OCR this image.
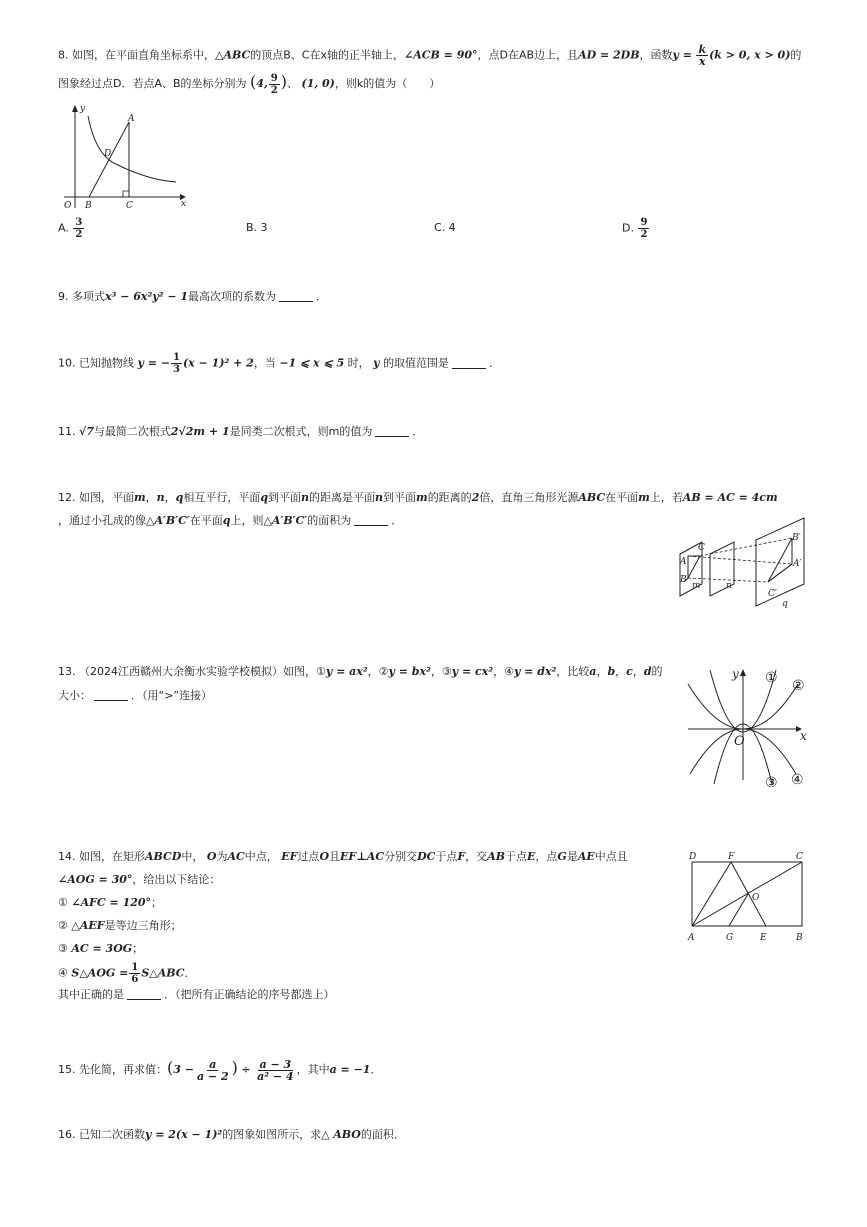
8. 如图，在平面直角坐标系中，△ABC的顶点B、C在x轴的正半轴上，∠ACB = 90°，点D在AB边上，且AD = 2DB，函数$y = \frac{k}{x} (k > 0$, x > 0)的
图象经过点D．若点A、B的坐标分别为 (4, $\frac{9}{2}$ )、 (1, 0)，则k的值为（　　）
y
x
O
A
B	C
D
A. $\frac{3}{2}$	B. 3	C. 4	D. $\frac{9}{2}$
9. 多项式x³ − 6x²y² − 1最高次项的系数为	．
10. 已知抛物线 y = − $\frac{1}{3} (x - 1)^2 + 2$，当 −1 ⩽ x ⩽ 5 时， y 的取值范围是	．
11. √7与最简二次根式2√2m + 1是同类二次根式，则m的值为	．
12. 如图，平面m，n，q相互平行，平面q到平面n的距离是平面n到平面m的距离的2倍，直角三角形光源ABC在平面m上，若AB = AC = 4cm
，通过小孔成的像△A′B′C′在平面q上，则△A′B′C′的面积为	．
A
C
B
m	n
B′
A′
C′
q
13. （2024江西赣州大余衡水实验学校模拟）如图，①y = ax²，②y = bx²，③y = cx²，④y = dx²，比较a，b，c，d的
大小：	．（用“>”连接）
y
x
O
① ②
③ ④
14. 如图，在矩形ABCD中， O为AC中点， EF过点O且EF⊥AC分别交DC于点F，交AB于点E，点G是AE中点且
∠AOG = 30°，给出以下结论：
① ∠AFC = 120°；
② △AEF是等边三角形；
③ AC = 3OG；
④ S△AOG = $\frac{1}{6}$ S△ABC．
其中正确的是	．（把所有正确结论的序号都选上）
D	F	C
O
A	G	E	B
15. 先化简，再求值：($3 - \frac{a}{a - 2}$ ) ÷ $\frac{a - 3}{\text{a² − 4}}$ ，其中a = −1．
16. 已知二次函数y = 2(x − 1)²的图象如图所示，求△ ABO的面积．
